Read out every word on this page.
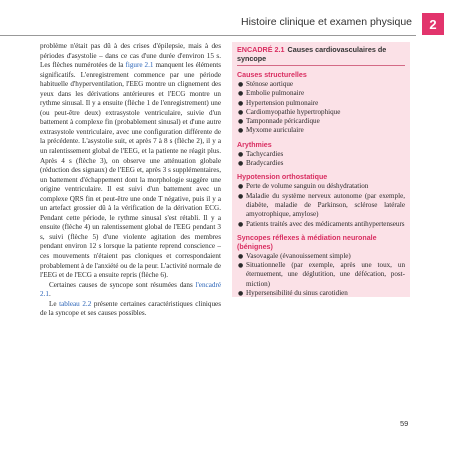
Histoire clinique et examen physique	2

problème n'était pas dû à des crises d'épilepsie, mais à des périodes d'asystolie – dans ce cas d'une durée d'environ 15 s. Les flèches numérotées de la figure 2.1 manquent les éléments significatifs. L'enregistrement commence par une période habituelle d'hyperventilation, l'EEG montre un clignement des yeux dans les dérivations antérieures et l'ECG montre un rythme sinusal. Il y a ensuite (flèche 1 de l'enregistrement) une (ou peut-être deux) extrasystole ventriculaire, suivie d'un battement à complexe fin (probablement sinusal) et d'une autre extrasystole ventriculaire, avec une configuration différente de la précédente. L'asystolie suit, et après 7 à 8 s (flèche 2), il y a un ralentissement global de l'EEG, et la patiente ne réagit plus. Après 4 s (flèche 3), on observe une atténuation globale (réduction des signaux) de l'EEG et, après 3 s supplémentaires, un battement d'échappement dont la morphologie suggère une origine ventriculaire. Il est suivi d'un battement avec un complexe QRS fin et peut-être une onde T négative, puis il y a un artefact grossier dû à la vérification de la dérivation ECG. Pendant cette période, le rythme sinusal s'est rétabli. Il y a ensuite (flèche 4) un ralentissement global de l'EEG pendant 3 s, suivi (flèche 5) d'une violente agitation des membres pendant environ 12 s lorsque la patiente reprend conscience – ces mouvements n'étaient pas cloniques et correspondaient probablement à de l'anxiété ou de la peur. L'activité normale de l'EEG et de l'ECG a ensuite repris (flèche 6).

Certaines causes de syncope sont résumées dans l'encadré 2.1.

Le tableau 2.2 présente certaines caractéristiques cliniques de la syncope et ses causes possibles.

ENCADRÉ 2.1 Causes cardiovasculaires de syncope
Causes structurelles
● Sténose aortique
● Embolie pulmonaire
● Hypertension pulmonaire
● Cardiomyopathie hypertrophique
● Tamponnade péricardique
● Myxome auriculaire
Arythmies
● Tachycardies
● Bradycardies
Hypotension orthostatique
● Perte de volume sanguin ou déshydratation
● Maladie du système nerveux autonome (par exemple, diabète, maladie de Parkinson, sclérose latérale amyotrophique, amylose)
● Patients traités avec des médicaments antihypertenseurs
Syncopes réflexes à médiation neuronale (bénignes)
● Vasovagale (évanouissement simple)
● Situationnelle (par exemple, après une toux, un éternuement, une déglutition, une défécation, post-miction)
● Hypersensibilité du sinus carotidien
59
